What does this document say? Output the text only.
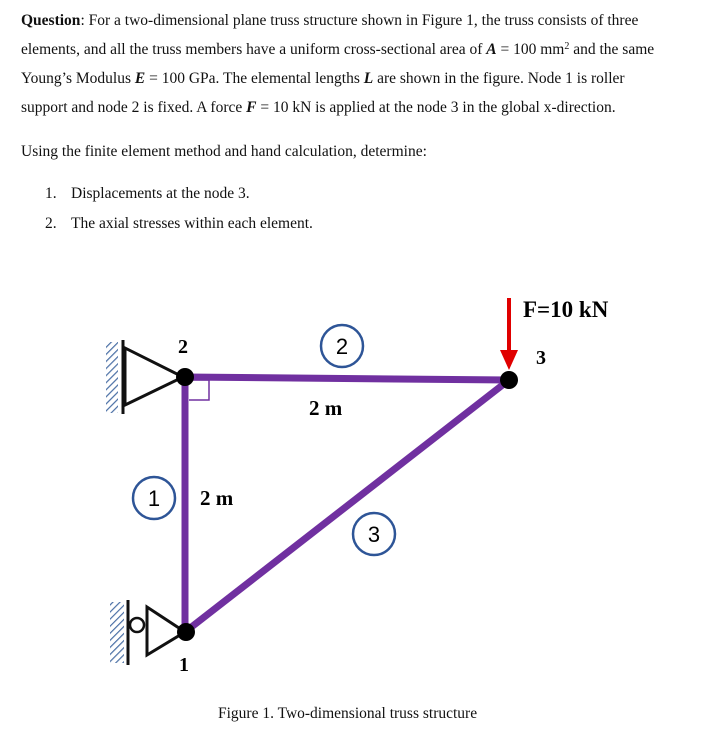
Question: For a two-dimensional plane truss structure shown in Figure 1, the truss consists of three
elements, and all the truss members have a uniform cross-sectional area of A = 100 $mm^2$ and the same
Young’s Modulus E = 100 GPa. The elemental lengths L are shown in the figure. Node 1 is roller
support and node 2 is fixed. A force F = 10 kN is applied at the node 3 in the global x-direction.
Using the finite element method and hand calculation, determine:
1. Displacements at the node 3.
2. The axial stresses within each element.
2	3
1
F=10 kN
1
2
3
2 m
2 m
Figure 1. Two-dimensional truss structure
